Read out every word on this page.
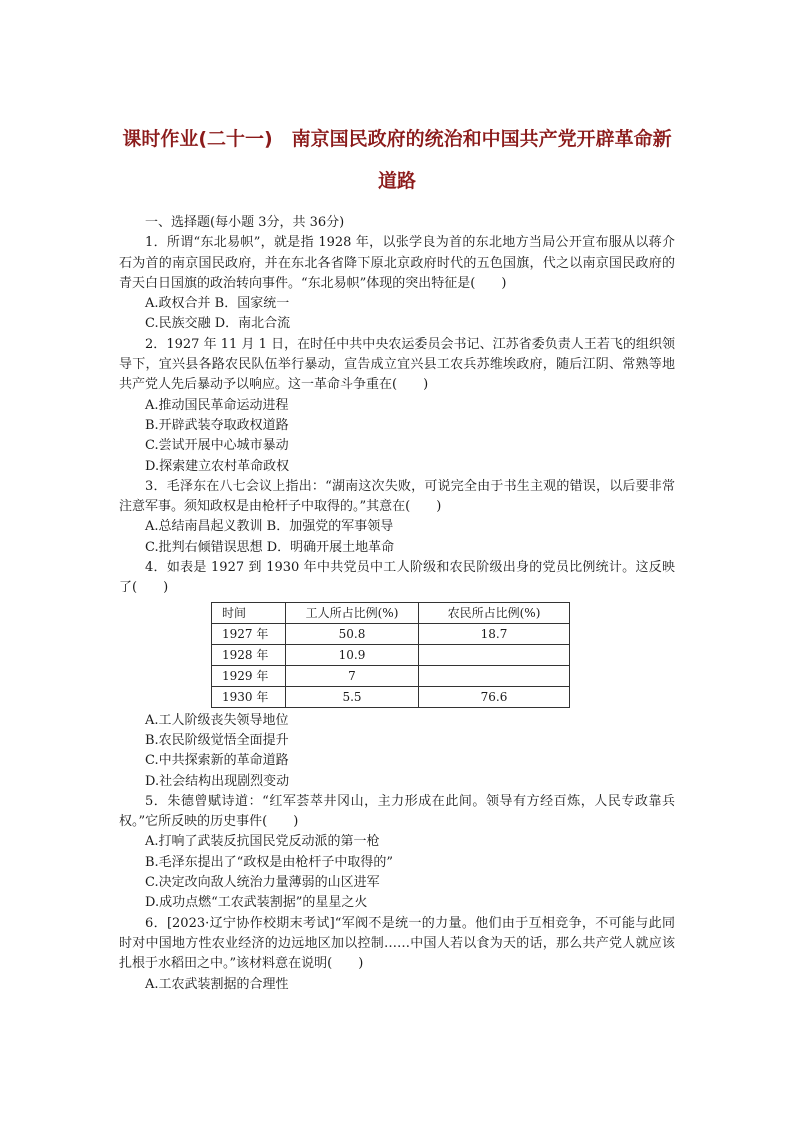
课时作业(二十一)　南京国民政府的统治和中国共产党开辟革命新
道路

一、选择题(每小题 3分，共 36分)

1．所谓“东北易帜”，就是指 1928 年，以张学良为首的东北地方当局公开宣布服从以蒋介石为首的南京国民政府，并在东北各省降下原北京政府时代的五色国旗，代之以南京国民政府的青天白日国旗的政治转向事件。“东北易帜”体现的突出特征是(　　)

A.政权合并 B．国家统一

C.民族交融 D．南北合流

2．1927 年 11 月 1 日，在时任中共中央农运委员会书记、江苏省委负责人王若飞的组织领导下，宜兴县各路农民队伍举行暴动，宣告成立宜兴县工农兵苏维埃政府，随后江阴、常熟等地共产党人先后暴动予以响应。这一革命斗争重在(　　)

A.推动国民革命运动进程

B.开辟武装夺取政权道路

C.尝试开展中心城市暴动

D.探索建立农村革命政权

3．毛泽东在八七会议上指出：“湖南这次失败，可说完全由于书生主观的错误，以后要非常注意军事。须知政权是由枪杆子中取得的。”其意在(　　)

A.总结南昌起义教训 B．加强党的军事领导

C.批判右倾错误思想 D．明确开展土地革命

4．如表是 1927 到 1930 年中共党员中工人阶级和农民阶级出身的党员比例统计。这反映了(　　)

时间	工人所占比例(%)	农民所占比例(%)
1927 年	50.8	18.7
1928 年	10.9	
1929 年	7	
1930 年	5.5	76.6

A.工人阶级丧失领导地位

B.农民阶级觉悟全面提升

C.中共探索新的革命道路

D.社会结构出现剧烈变动

5．朱德曾赋诗道：“红军荟萃井冈山，主力形成在此间。领导有方经百炼，人民专政靠兵权。”它所反映的历史事件(　　)

A.打响了武装反抗国民党反动派的第一枪

B.毛泽东提出了“政权是由枪杆子中取得的”

C.决定改向敌人统治力量薄弱的山区进军

D.成功点燃“工农武装割据”的星星之火

6．[2023·辽宁协作校期末考试]“军阀不是统一的力量。他们由于互相竞争，不可能与此同时对中国地方性农业经济的边远地区加以控制……中国人若以食为天的话，那么共产党人就应该扎根于水稻田之中。”该材料意在说明(　　)

A.工农武装割据的合理性
